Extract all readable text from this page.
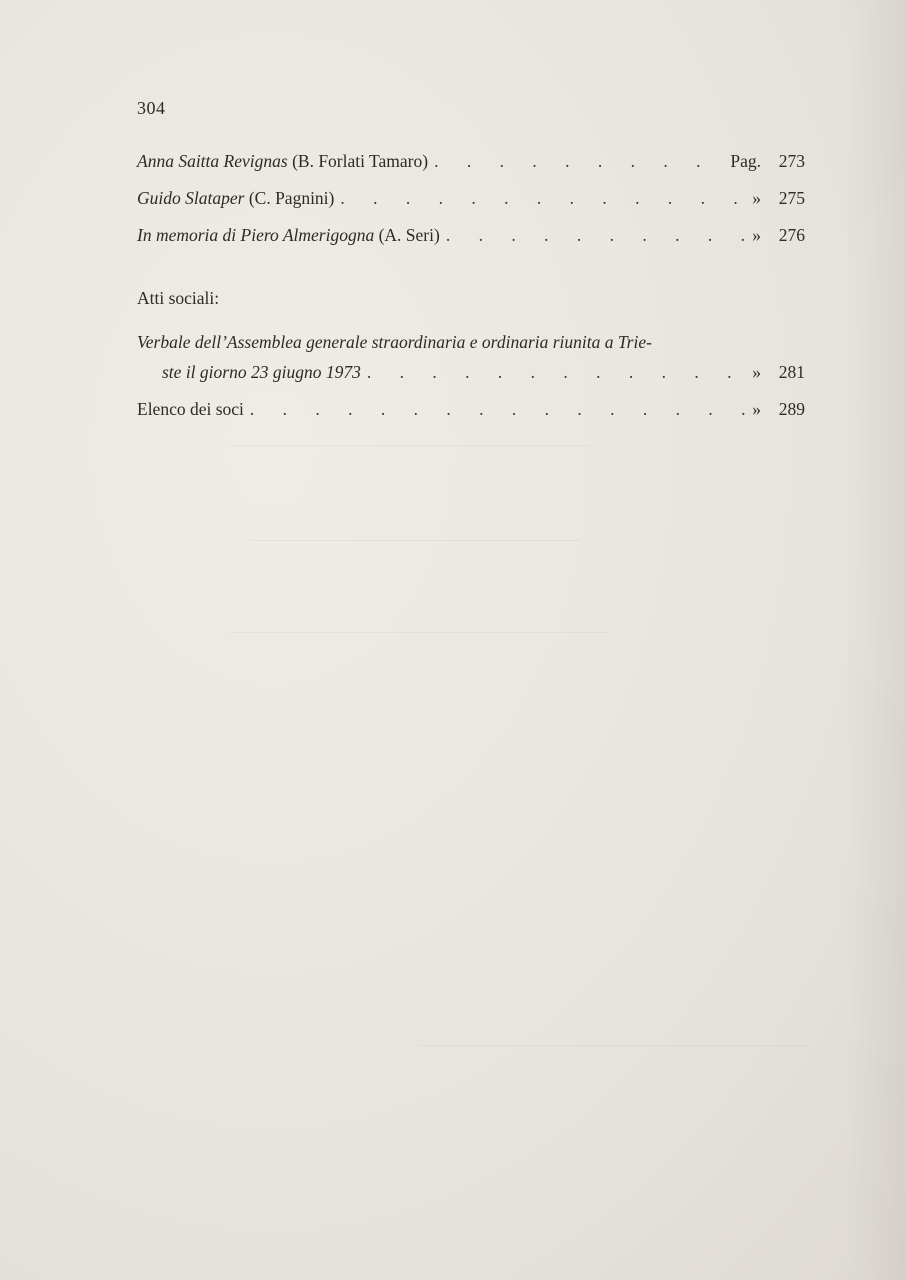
304
Anna Saitta Revignas
(B. Forlati Tamaro) . . .	Pag.	273
Guido Slataper
(C. Pagnini) . . .	»	275
In memoria di Piero Almerigogna
(A. Seri) . . .	»	276
Atti sociali:
Verbale dell’Assemblea generale straordinaria e ordinaria riunita a Trie-
ste il giorno 23 giugno 1973 . . .	»	281
Elenco dei soci . . .	»	289
